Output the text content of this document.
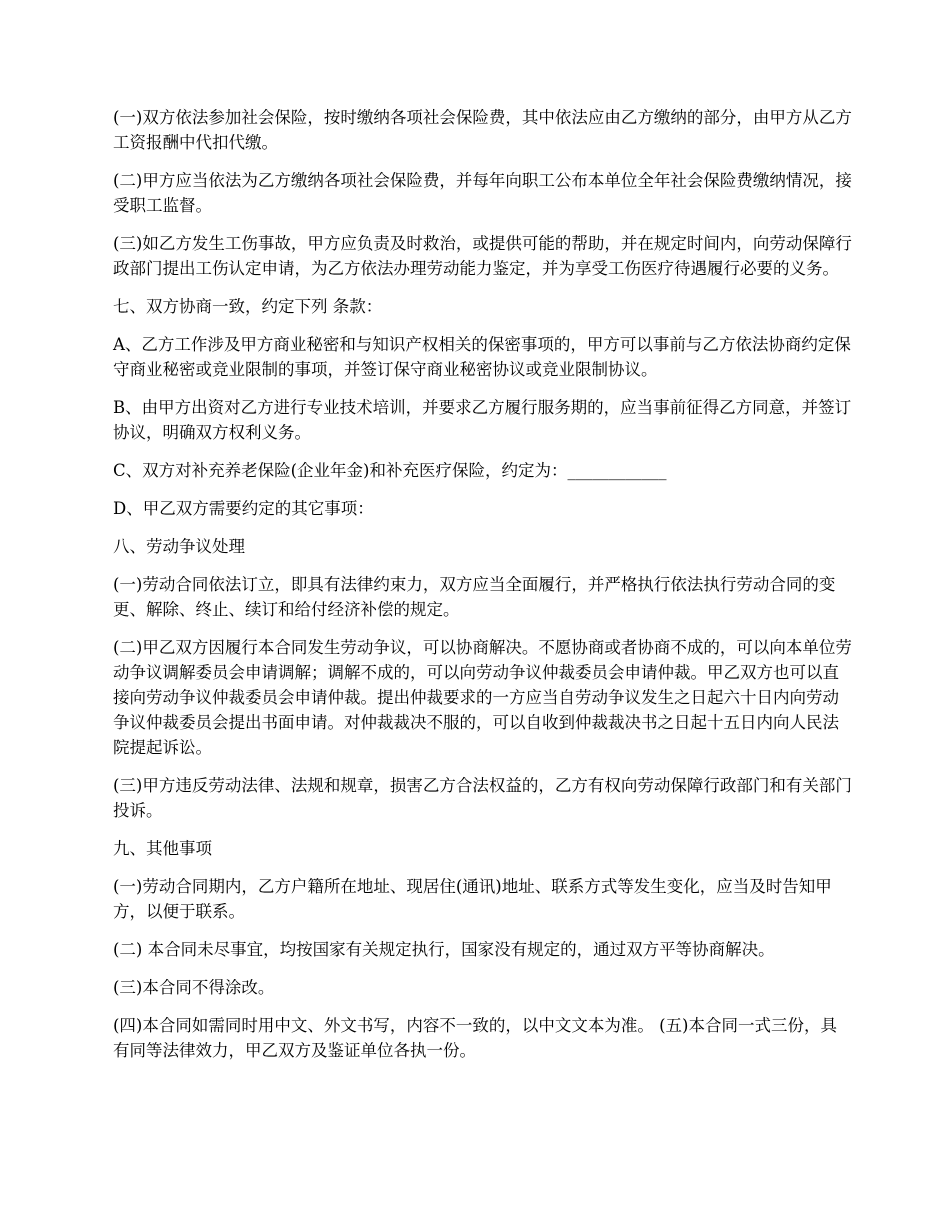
(一)双方依法参加社会保险，按时缴纳各项社会保险费，其中依法应由乙方缴纳的部分，由甲方从乙方工资报酬中代扣代缴。

(二)甲方应当依法为乙方缴纳各项社会保险费，并每年向职工公布本单位全年社会保险费缴纳情况，接受职工监督。

(三)如乙方发生工伤事故，甲方应负责及时救治，或提供可能的帮助，并在规定时间内，向劳动保障行政部门提出工伤认定申请，为乙方依法办理劳动能力鉴定，并为享受工伤医疗待遇履行必要的义务。

七、双方协商一致，约定下列 条款：

A、乙方工作涉及甲方商业秘密和与知识产权相关的保密事项的，甲方可以事前与乙方依法协商约定保守商业秘密或竞业限制的事项，并签订保守商业秘密协议或竞业限制协议。

B、由甲方出资对乙方进行专业技术培训，并要求乙方履行服务期的，应当事前征得乙方同意，并签订协议，明确双方权利义务。

C、双方对补充养老保险(企业年金)和补充医疗保险，约定为：____________

D、甲乙双方需要约定的其它事项：

八、劳动争议处理

(一)劳动合同依法订立，即具有法律约束力，双方应当全面履行，并严格执行依法执行劳动合同的变更、解除、终止、续订和给付经济补偿的规定。

(二)甲乙双方因履行本合同发生劳动争议，可以协商解决。不愿协商或者协商不成的，可以向本单位劳动争议调解委员会申请调解；调解不成的，可以向劳动争议仲裁委员会申请仲裁。甲乙双方也可以直接向劳动争议仲裁委员会申请仲裁。提出仲裁要求的一方应当自劳动争议发生之日起六十日内向劳动争议仲裁委员会提出书面申请。对仲裁裁决不服的，可以自收到仲裁裁决书之日起十五日内向人民法院提起诉讼。

(三)甲方违反劳动法律、法规和规章，损害乙方合法权益的，乙方有权向劳动保障行政部门和有关部门投诉。

九、其他事项

(一)劳动合同期内，乙方户籍所在地址、现居住(通讯)地址、联系方式等发生变化，应当及时告知甲方，以便于联系。

(二) 本合同未尽事宜，均按国家有关规定执行，国家没有规定的，通过双方平等协商解决。

(三)本合同不得涂改。

(四)本合同如需同时用中文、外文书写，内容不一致的，以中文文本为准。 (五)本合同一式三份，具有同等法律效力，甲乙双方及鉴证单位各执一份。
